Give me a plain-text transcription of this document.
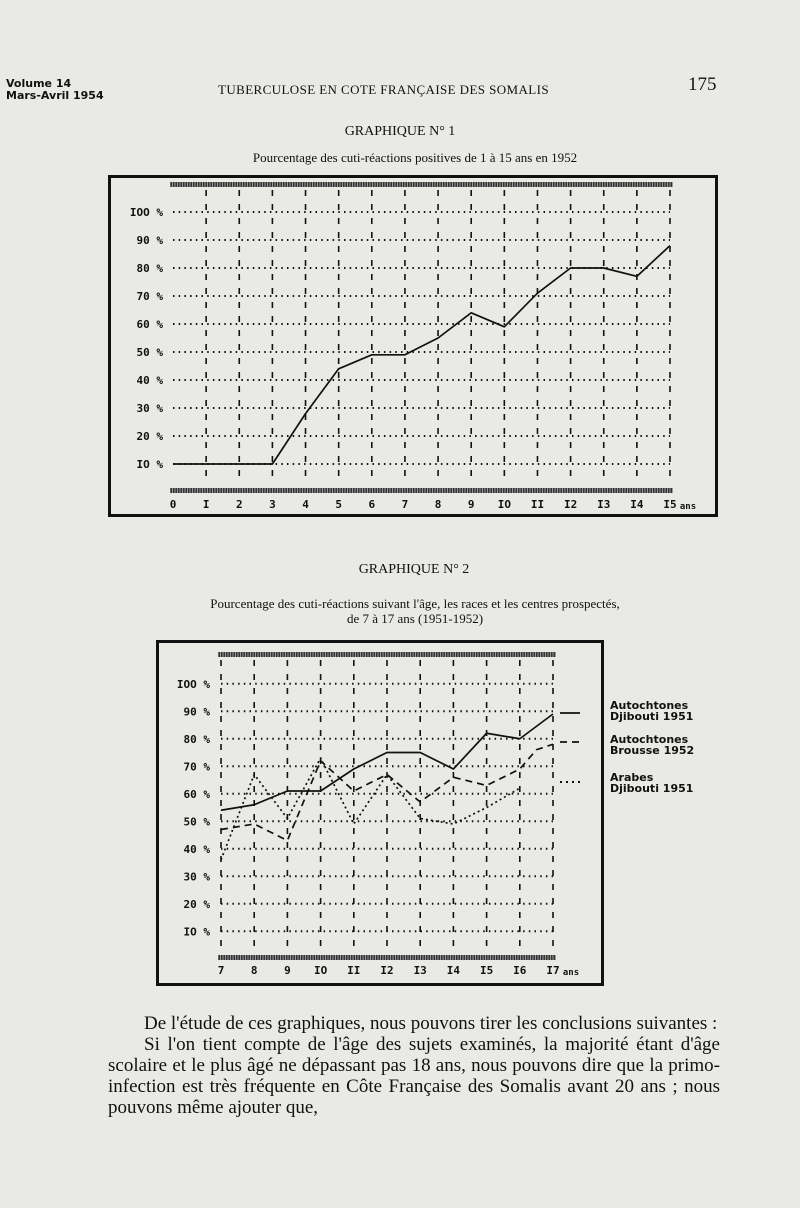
Volume 14
Mars-Avril 1954	TUBERCULOSE EN COTE FRANÇAISE DES SOMALIS	175
GRAPHIQUE N° 1
Pourcentage des cuti-réactions positives de 1 à 15 ans en 1952
IO %
20 %
30 %
40 %
50 %
60 %
70 %
80 %
90 %
IOO %
0 I 2 3 4 5 6 7 8 9 IO II I2 I3 I4 I5 ans
GRAPHIQUE N° 2
Pourcentage des cuti-réactions suivant l'âge, les races et les centres prospectés,
de 7 à 17 ans (1951-1952)
IO %
20 %
30 %
40 %
50 %
60 %
70 %
80 %
90 %
IOO %
7 8 9 IO II I2 I3 I4 I5 I6 I7 ans
Autochtones
Djibouti 1951
Autochtones
Brousse 1952
Arabes
Djibouti 1951

De l'étude de ces graphiques, nous pouvons tirer les conclusions suivantes :

Si l'on tient compte de l'âge des sujets examinés, la majorité étant d'âge scolaire et le plus âgé ne dépassant pas 18 ans, nous pouvons dire que la primo-infection est très fréquente en Côte Française des Somalis avant 20 ans ; nous pouvons même ajouter que,
